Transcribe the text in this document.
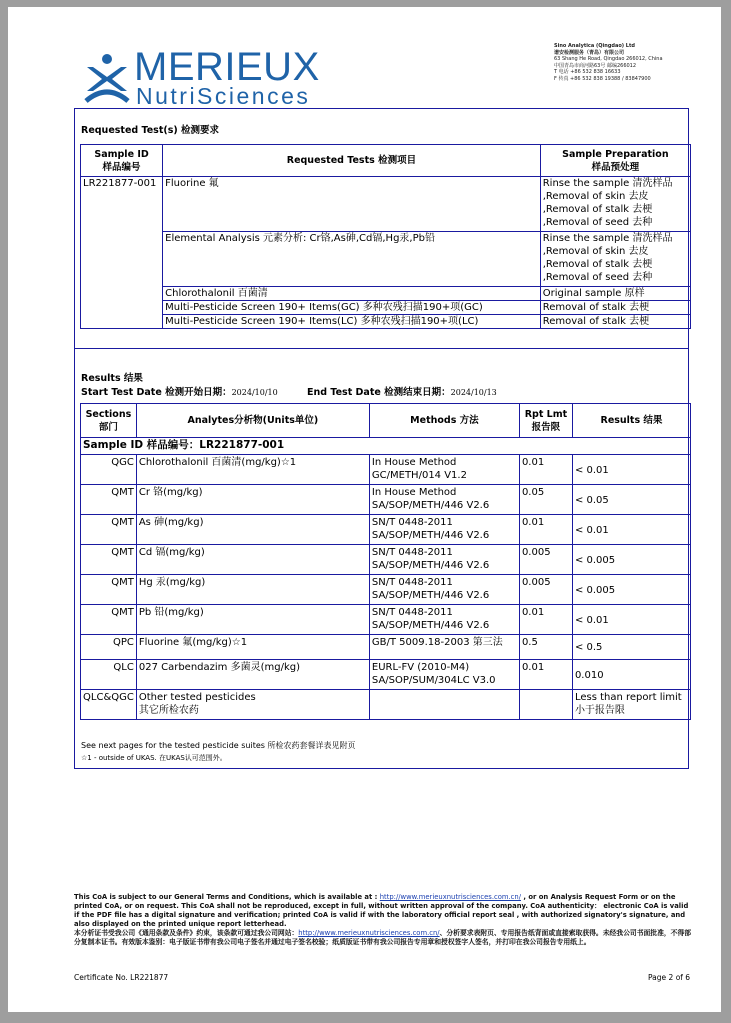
MERIEUX
NutriSciences
Sino Analytica (Qingdao) Ltd
谱安检测服务（青岛）有限公司
63 Shang He Road, Qingdao 266012, China
中国青岛市商河路63号 邮编266012
T 电话 +86 532 838 16633
F 传真 +86 532 838 19388 / 83847900
Requested Test(s) 检测要求
Sample ID
样品编号	Requested Tests 检测项目	Sample Preparation
样品预处理
LR221877-001	Fluorine 氟	Rinse the sample 清洗样品
,Removal of skin 去皮
,Removal of stalk 去梗
,Removal of seed 去种
	Elemental Analysis 元素分析: Cr铬,As砷,Cd镉,Hg汞,Pb铅	Rinse the sample 清洗样品
,Removal of skin 去皮
,Removal of stalk 去梗
,Removal of seed 去种
	Chlorothalonil 百菌清	Original sample 原样
	Multi-Pesticide Screen 190+ Items(GC) 多种农残扫描190+项(GC)	Removal of stalk 去梗
	Multi-Pesticide Screen 190+ Items(LC) 多种农残扫描190+项(LC)	Removal of stalk 去梗
Results 结果
Start Test Date 检测开始日期：2024/10/10	End Test Date 检测结束日期：2024/10/13
Sections
部门	Analytes分析物(Units单位)	Methods 方法	Rpt Lmt
报告限	Results 结果
Sample ID 样品编号：LR221877-001				
QGC	Chlorothalonil 百菌清(mg/kg)☆1	In House Method
GC/METH/014 V1.2	0.01	< 0.01
QMT	Cr 铬(mg/kg)	In House Method
SA/SOP/METH/446 V2.6	0.05	< 0.05
QMT	As 砷(mg/kg)	SN/T 0448-2011
SA/SOP/METH/446 V2.6	0.01	< 0.01
QMT	Cd 镉(mg/kg)	SN/T 0448-2011
SA/SOP/METH/446 V2.6	0.005	< 0.005
QMT	Hg 汞(mg/kg)	SN/T 0448-2011
SA/SOP/METH/446 V2.6	0.005	< 0.005
QMT	Pb 铅(mg/kg)	SN/T 0448-2011
SA/SOP/METH/446 V2.6	0.01	< 0.01
QPC	Fluorine 氟(mg/kg)☆1	GB/T 5009.18-2003 第三法	0.5	< 0.5
QLC	027 Carbendazim 多菌灵(mg/kg)	EURL-FV (2010-M4)
SA/SOP/SUM/304LC V3.0	0.01	0.010
QLC&QGC	Other tested pesticides
其它所检农药			Less than report limit
小于报告限
See next pages for the tested pesticide suites 所检农药套餐详表见附页
☆1 - outside of UKAS. 在UKAS认可范围外。
This CoA is subject to our General Terms and Conditions, which is available at : http://www.merieuxnutrisciences.com.cn/ , or on Analysis Request Form or on the printed CoA, or on request. This CoA shall not be reproduced, except in full, without written approval of the company. CoA authenticity： electronic CoA is valid if the PDF file has a digital signature and verification; printed CoA is valid if with the laboratory official report seal , with authorized signatory's signature, and also displayed on the printed unique report letterhead.
本分析证书受我公司《通用条款及条件》约束，该条款可通过我公司网站：http://www.merieuxnutrisciences.com.cn/、分析要求表附页、专用报告纸背面或直接索取获得。未经我公司书面批准，不得部分复制本证书。有效版本鉴别：电子版证书带有我公司电子签名并通过电子签名校验；纸质版证书带有我公司报告专用章和授权签字人签名，并打印在我公司报告专用纸上。
Certificate No. LR221877	Page 2 of 6
